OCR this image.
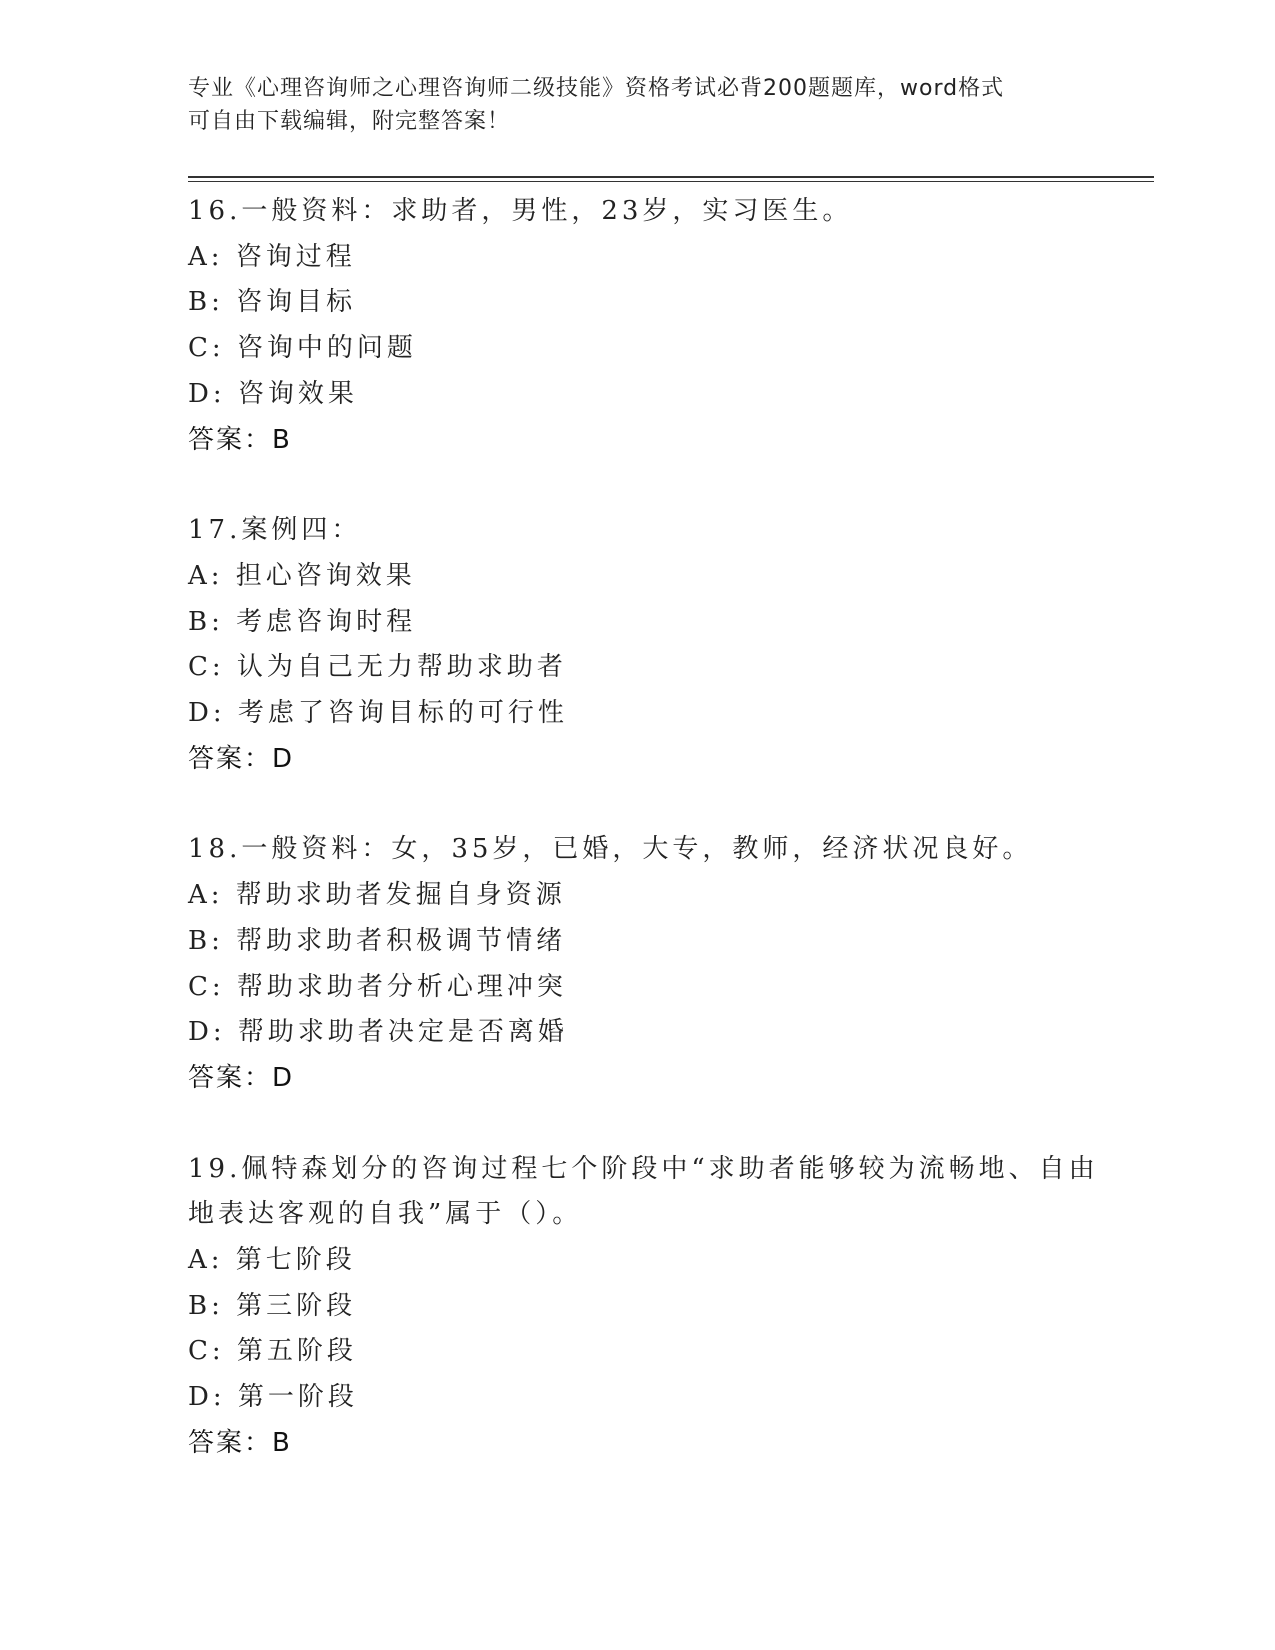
专业《心理咨询师之心理咨询师二级技能》资格考试必背200题题库，word格式
可自由下载编辑，附完整答案！
16.一般资料：求助者，男性，23岁，实习医生。
A: 咨询过程
B: 咨询目标
C: 咨询中的问题
D: 咨询效果
答案：B
17.案例四：
A: 担心咨询效果
B: 考虑咨询时程
C: 认为自己无力帮助求助者
D: 考虑了咨询目标的可行性
答案：D
18.一般资料：女，35岁，已婚，大专，教师，经济状况良好。
A: 帮助求助者发掘自身资源
B: 帮助求助者积极调节情绪
C: 帮助求助者分析心理冲突
D: 帮助求助者决定是否离婚
答案：D
19.佩特森划分的咨询过程七个阶段中“求助者能够较为流畅地、自由
地表达客观的自我”属于（）。
A: 第七阶段
B: 第三阶段
C: 第五阶段
D: 第一阶段
答案：B
